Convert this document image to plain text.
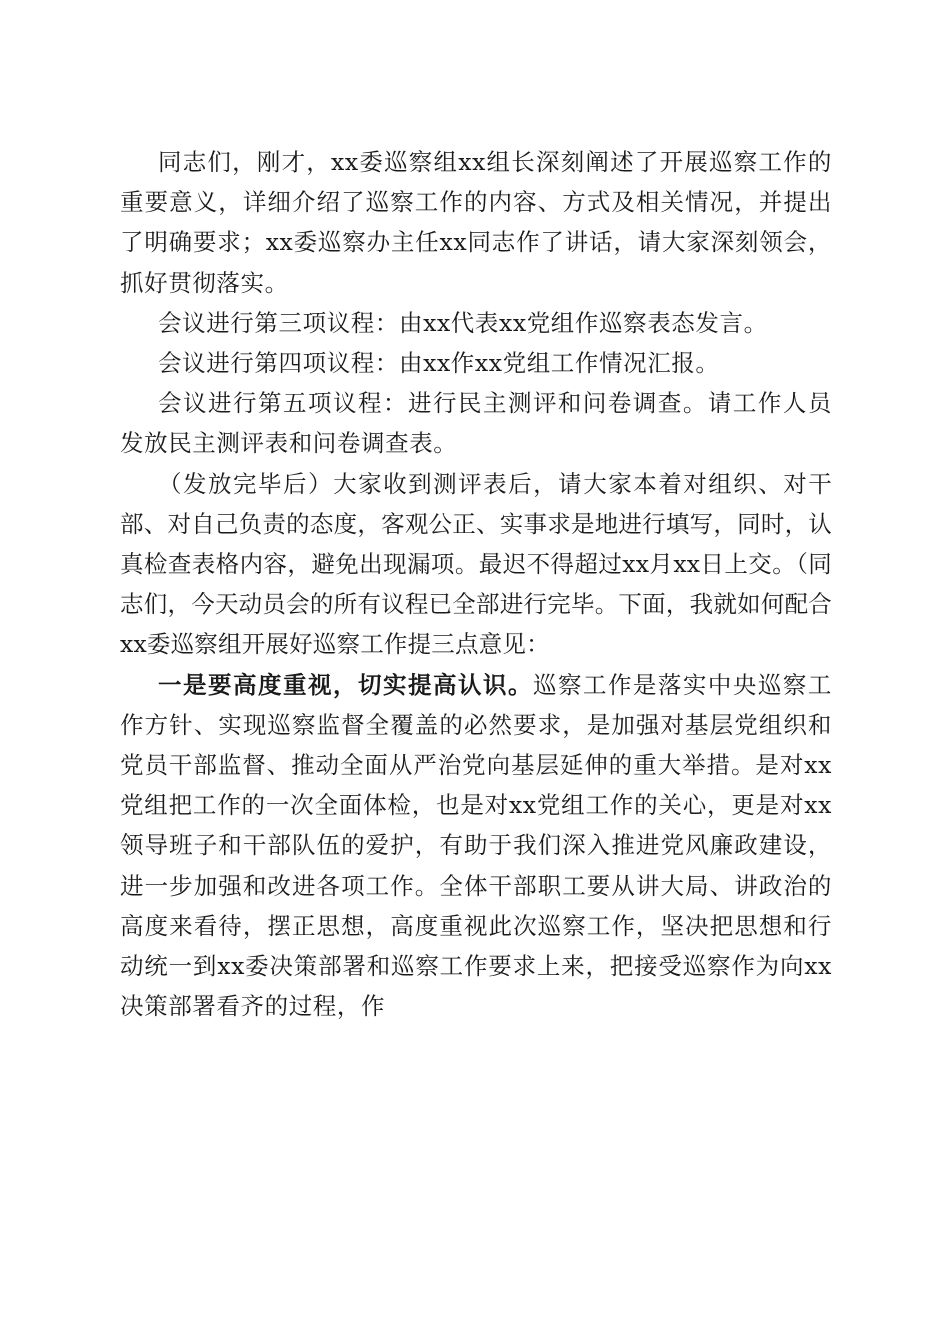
同志们，刚才，xx委巡察组xx组长深刻阐述了开展巡察工作的重要意义，详细介绍了巡察工作的内容、方式及相关情况，并提出了明确要求；xx委巡察办主任xx同志作了讲话，请大家深刻领会，抓好贯彻落实。

会议进行第三项议程：由xx代表xx党组作巡察表态发言。

会议进行第四项议程：由xx作xx党组工作情况汇报。

会议进行第五项议程：进行民主测评和问卷调查。请工作人员发放民主测评表和问卷调查表。

（发放完毕后）大家收到测评表后，请大家本着对组织、对干部、对自己负责的态度，客观公正、实事求是地进行填写，同时，认真检查表格内容，避免出现漏项。最迟不得超过xx月xx日上交。（同志们，今天动员会的所有议程已全部进行完毕。下面，我就如何配合xx委巡察组开展好巡察工作提三点意见：

一是要高度重视，切实提高认识。巡察工作是落实中央巡察工作方针、实现巡察监督全覆盖的必然要求，是加强对基层党组织和党员干部监督、推动全面从严治党向基层延伸的重大举措。是对xx党组把工作的一次全面体检，也是对xx党组工作的关心，更是对xx领导班子和干部队伍的爱护，有助于我们深入推进党风廉政建设，进一步加强和改进各项工作。全体干部职工要从讲大局、讲政治的高度来看待，摆正思想，高度重视此次巡察工作，坚决把思想和行动统一到xx委决策部署和巡察工作要求上来，把接受巡察作为向xx决策部署看齐的过程，作
